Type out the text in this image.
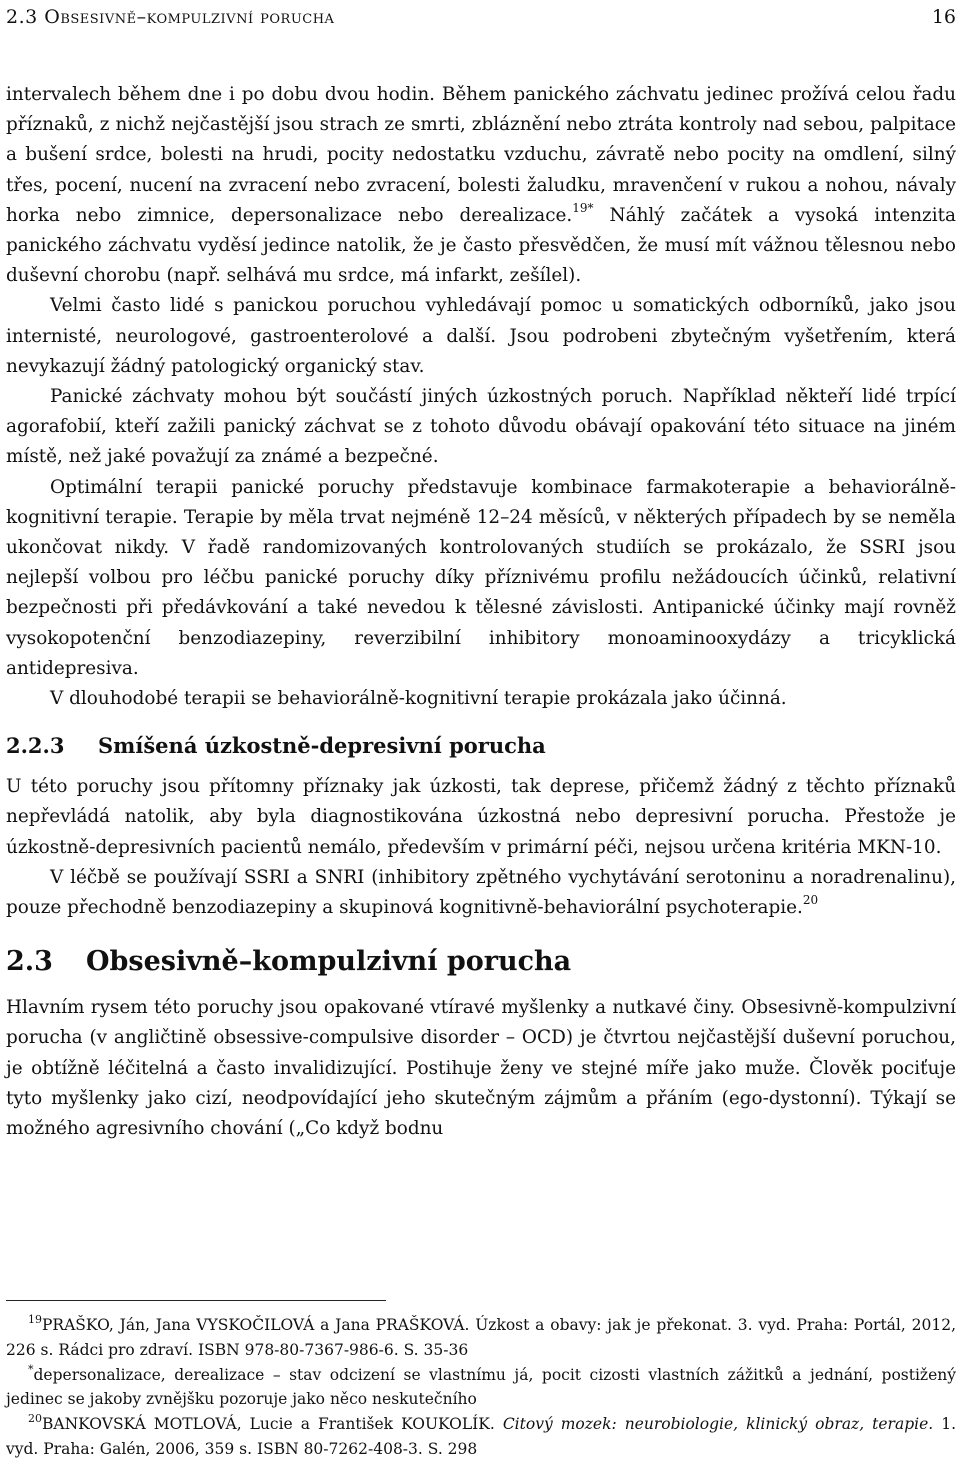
2.3 Obsesivně–kompulzivní porucha	16

intervalech během dne i po dobu dvou hodin. Během panického záchvatu jedinec prožívá celou řadu příznaků, z nichž nejčastější jsou strach ze smrti, zbláznění nebo ztráta kontroly nad sebou, palpitace a bušení srdce, bolesti na hrudi, pocity nedostatku vzduchu, závratě nebo pocity na omdlení, silný třes, pocení, nucení na zvracení nebo zvracení, bolesti žaludku, mravenčení v rukou a nohou, návaly horka nebo zimnice, depersonalizace nebo derealizace.$^{19*}$ Náhlý začátek a vysoká intenzita panického záchvatu vyděsí jedince natolik, že je často přesvědčen, že musí mít vážnou tělesnou nebo duševní chorobu (např. selhává mu srdce, má infarkt, zešílel).

Velmi často lidé s panickou poruchou vyhledávají pomoc u somatických odborníků, jako jsou internisté, neurologové, gastroenterolové a další. Jsou podrobeni zbytečným vyšetřením, která nevykazují žádný patologický organický stav.

Panické záchvaty mohou být součástí jiných úzkostných poruch. Například někteří lidé trpící agorafobií, kteří zažili panický záchvat se z tohoto důvodu obávají opakování této situace na jiném místě, než jaké považují za známé a bezpečné.

Optimální terapii panické poruchy představuje kombinace farmakoterapie a behaviorálně-kognitivní terapie. Terapie by měla trvat nejméně 12–24 měsíců, v některých případech by se neměla ukončovat nikdy. V řadě randomizovaných kontrolovaných studiích se prokázalo, že SSRI jsou nejlepší volbou pro léčbu panické poruchy díky příznivému profilu nežádoucích účinků, relativní bezpečnosti při předávkování a také nevedou k tělesné závislosti. Antipanické účinky mají rovněž vysokopotenční benzodiazepiny, reverzibilní inhibitory monoaminooxydázy a tricyklická antidepresiva.

V dlouhodobé terapii se behaviorálně-kognitivní terapie prokázala jako účinná.

2.2.3 Smíšená úzkostně-depresivní porucha

U této poruchy jsou přítomny příznaky jak úzkosti, tak deprese, přičemž žádný z těchto příznaků nepřevládá natolik, aby byla diagnostikována úzkostná nebo depresivní porucha. Přestože je úzkostně-depresivních pacientů nemálo, především v primární péči, nejsou určena kritéria MKN-10.

V léčbě se používají SSRI a SNRI (inhibitory zpětného vychytávání serotoninu a noradrenalinu), pouze přechodně benzodiazepiny a skupinová kognitivně-behaviorální psychoterapie.$^{20}$

2.3 Obsesivně–kompulzivní porucha

Hlavním rysem této poruchy jsou opakované vtíravé myšlenky a nutkavé činy. Obsesivně-kompulzivní porucha (v angličtině obsessive-compulsive disorder – OCD) je čtvrtou nejčastější duševní poruchou, je obtížně léčitelná a často invalidizující. Postihuje ženy ve stejné míře jako muže. Člověk pociťuje tyto myšlenky jako cizí, neodpovídající jeho skutečným zájmům a přáním (ego-dystonní). Týkají se možného agresivního chování („Co když bodnu

$^{19}$PRAŠKO, Ján, Jana VYSKOČILOVÁ a Jana PRAŠKOVÁ. Úzkost a obavy: jak je překonat. 3. vyd. Praha: Portál, 2012, 226 s. Rádci pro zdraví. ISBN 978-80-7367-986-6. S. 35-36

*depersonalizace, derealizace – stav odcizení se vlastnímu já, pocit cizosti vlastních zážitků a jednání, postižený jedinec se jakoby zvnějšku pozoruje jako něco neskutečního

$^{20}$BANKOVSKÁ MOTLOVÁ, Lucie a František KOUKOLÍK. Citový mozek: neurobiologie, klinický obraz, terapie. 1. vyd. Praha: Galén, 2006, 359 s. ISBN 80-7262-408-3. S. 298
